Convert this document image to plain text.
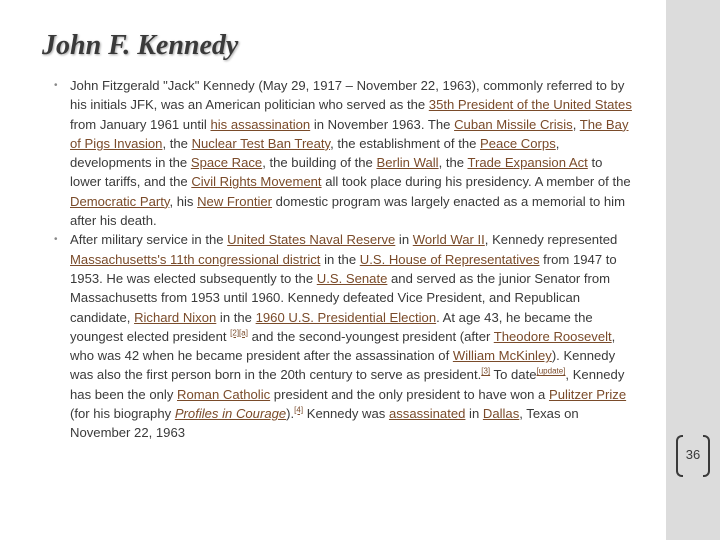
John F. Kennedy
• John Fitzgerald "Jack" Kennedy (May 29, 1917 – November 22, 1963), commonly referred to by his initials JFK, was an American politician who served as the 35th President of the United States from January 1961 until his assassination in November 1963. The Cuban Missile Crisis, The Bay of Pigs Invasion, the Nuclear Test Ban Treaty, the establishment of the Peace Corps, developments in the Space Race, the building of the Berlin Wall, the Trade Expansion Act to lower tariffs, and the Civil Rights Movement all took place during his presidency. A member of the Democratic Party, his New Frontier domestic program was largely enacted as a memorial to him after his death.
• After military service in the United States Naval Reserve in World War II, Kennedy represented Massachusetts's 11th congressional district in the U.S. House of Representatives from 1947 to 1953. He was elected subsequently to the U.S. Senate and served as the junior Senator from Massachusetts from 1953 until 1960. Kennedy defeated Vice President, and Republican candidate, Richard Nixon in the 1960 U.S. Presidential Election. At age 43, he became the youngest elected president [2][a] and the second-youngest president (after Theodore Roosevelt, who was 42 when he became president after the assassination of William McKinley). Kennedy was also the first person born in the 20th century to serve as president.[3] To date[update], Kennedy has been the only Roman Catholic president and the only president to have won a Pulitzer Prize (for his biography Profiles in Courage).[4] Kennedy was assassinated in Dallas, Texas on November 22, 1963
36
